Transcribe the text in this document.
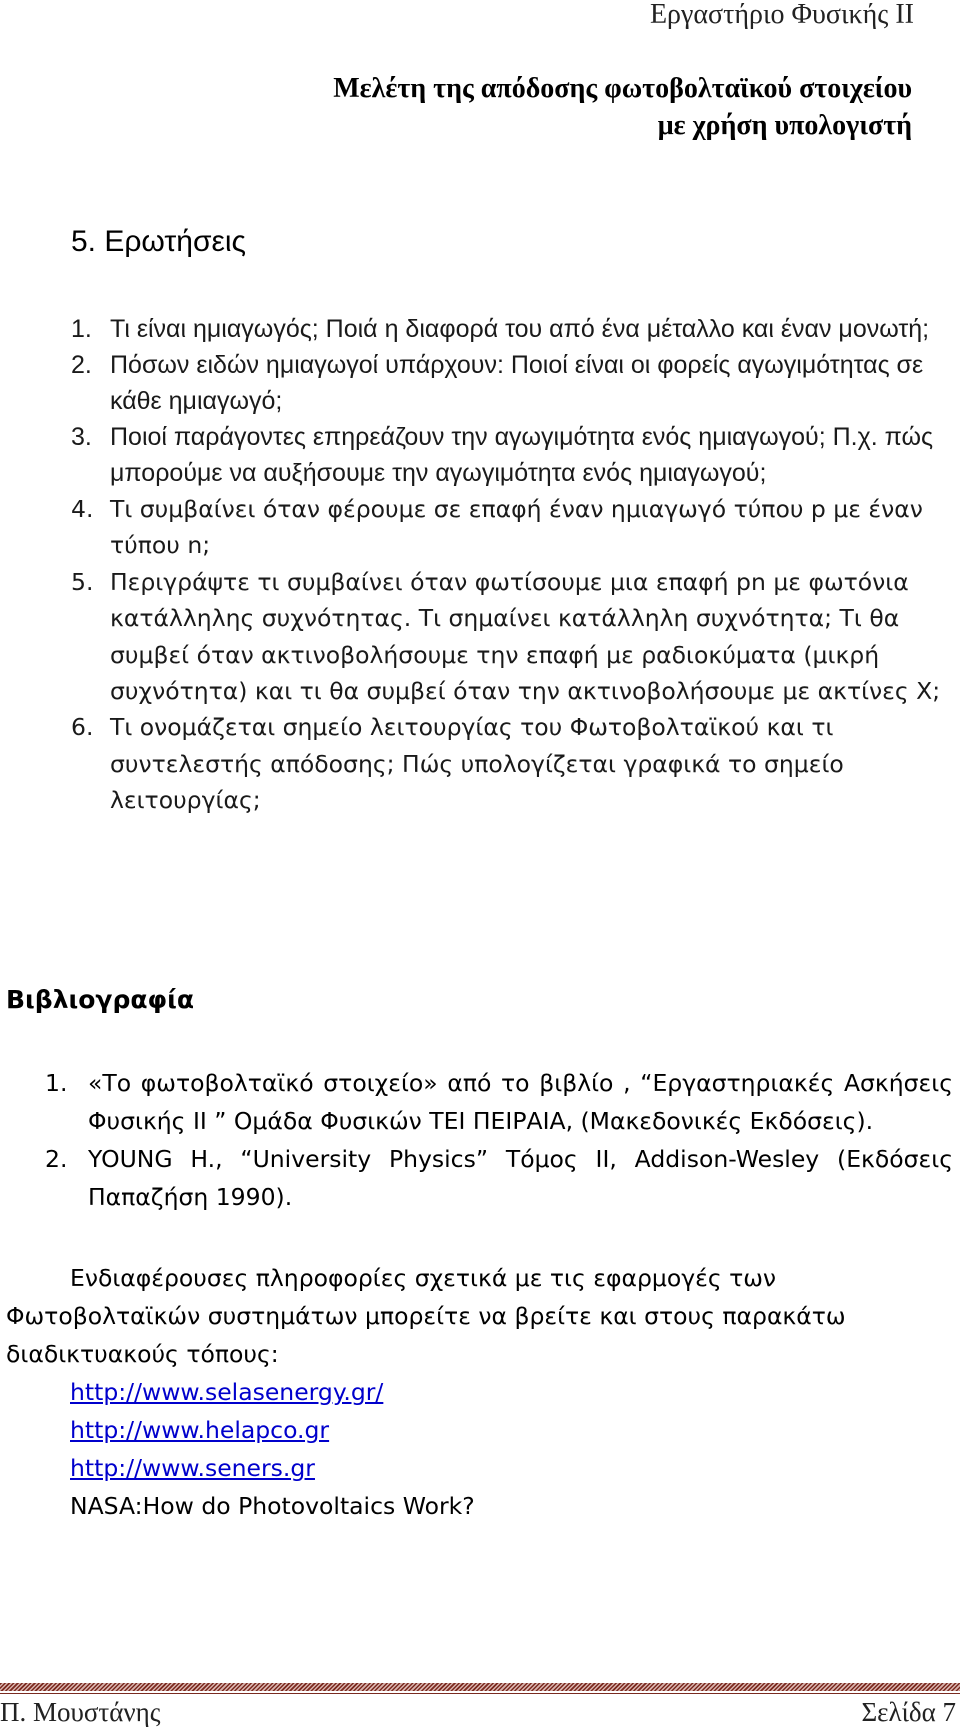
Εργαστήριο Φυσικής ΙΙ
Μελέτη της απόδοσης φωτοβολταϊκού στοιχείου
με χρήση υπολογιστή
5. Ερωτήσεις
1. Τι είναι ημιαγωγός; Ποιά η διαφορά του από ένα μέταλλο και έναν μονωτή;
2. Πόσων ειδών ημιαγωγοί υπάρχουν: Ποιοί είναι οι φορείς αγωγιμότητας σε κάθε ημιαγωγό;
3. Ποιοί παράγοντες επηρεάζουν την αγωγιμότητα ενός ημιαγωγού; Π.χ. πώς μπορούμε να αυξήσουμε την αγωγιμότητα ενός ημιαγωγού;
4. Τι συμβαίνει όταν φέρουμε σε επαφή έναν ημιαγωγό τύπου p με έναν τύπου n;
5. Περιγράψτε τι συμβαίνει όταν φωτίσουμε μια επαφή pn με φωτόνια κατάλληλης συχνότητας. Τι σημαίνει κατάλληλη συχνότητα; Τι θα συμβεί όταν ακτινοβολήσουμε την επαφή με ραδιοκύματα (μικρή συχνότητα) και τι θα συμβεί όταν την ακτινοβολήσουμε με ακτίνες Χ;
6. Τι ονομάζεται σημείο λειτουργίας του Φωτοβολταϊκού και τι συντελεστής απόδοσης; Πώς υπολογίζεται γραφικά το σημείο λειτουργίας;
Βιβλιογραφία
1. «Το φωτοβολταϊκό στοιχείο» από το βιβλίο , “Εργαστηριακές Ασκήσεις Φυσικής ΙΙ ” Ομάδα Φυσικών ΤΕΙ ΠΕΙΡΑΙΑ, (Μακεδονικές Εκδόσεις).
2. YOUNG H., “University Physics” Τόμος ΙΙ, Addison-Wesley (Εκδόσεις Παπαζήση 1990).
Ενδιαφέρουσες πληροφορίες σχετικά με τις εφαρμογές των Φωτοβολταϊκών συστημάτων μπορείτε να βρείτε και στους παρακάτω διαδικτυακούς τόπους:
http://www.selasenergy.gr/
http://www.helapco.gr
http://www.seners.gr
NASA:How do Photovoltaics Work?
Π. Μουστάνης	Σελίδα 7
